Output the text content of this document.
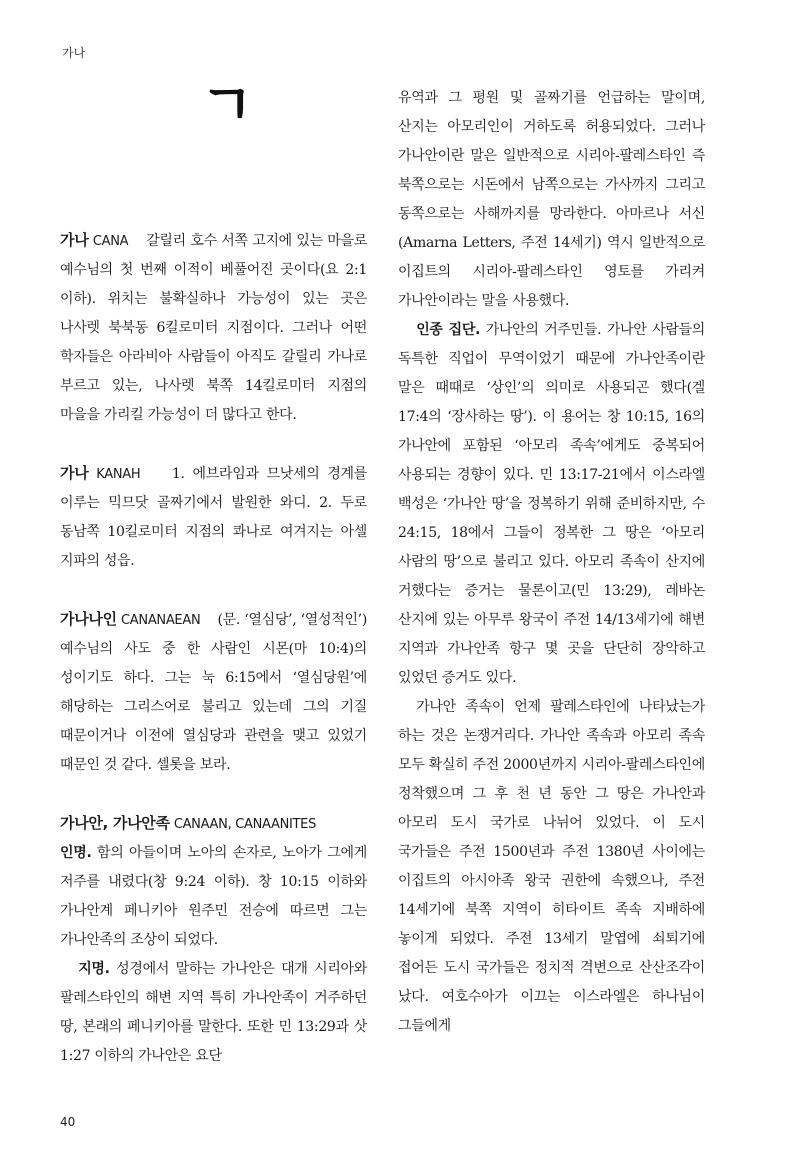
가나
ㄱ

가나 CANA 갈릴리 호수 서쪽 고지에 있는 마을로 예수님의 첫 번째 이적이 베풀어진 곳이다(요 2:1 이하). 위치는 불확실하나 가능성이 있는 곳은 나사렛 북북동 6킬로미터 지점이다. 그러나 어떤 학자들은 아라비아 사람들이 아직도 갈릴리 가나로 부르고 있는, 나사렛 북쪽 14킬로미터 지점의 마을을 가리킬 가능성이 더 많다고 한다.

가나 KANAH 1. 에브라임과 므낫세의 경계를 이루는 믹므닷 골짜기에서 발원한 와디. 2. 두로 동남쪽 10킬로미터 지점의 콰나로 여겨지는 아셀 지파의 성읍.

가나나인 CANANAEAN (문. ‘열심당’, ‘열성적인’) 예수님의 사도 중 한 사람인 시몬(마 10:4)의 성이기도 하다. 그는 눅 6:15에서 ‘열심당원’에 해당하는 그리스어로 불리고 있는데 그의 기질 때문이거나 이전에 열심당과 관련을 맺고 있었기 때문인 것 같다. 셀롯을 보라.

가나안, 가나안족 CANAAN, CANAANITES

인명. 함의 아들이며 노아의 손자로, 노아가 그에게 저주를 내렸다(창 9:24 이하). 창 10:15 이하와 가나안계 페니키아 원주민 전승에 따르면 그는 가나안족의 조상이 되었다.

지명. 성경에서 말하는 가나안은 대개 시리아와 팔레스타인의 해변 지역 특히 가나안족이 거주하던 땅, 본래의 페니키아를 말한다. 또한 민 13:29과 삿 1:27 이하의 가나안은 요단

유역과 그 평원 및 골짜기를 언급하는 말이며, 산지는 아모리인이 거하도록 허용되었다. 그러나 가나안이란 말은 일반적으로 시리아-팔레스타인 즉 북쪽으로는 시돈에서 남쪽으로는 가사까지 그리고 동쪽으로는 사해까지를 망라한다. 아마르나 서신(Amarna Letters, 주전 14세기) 역시 일반적으로 이집트의 시리아-팔레스타인 영토를 가리켜 가나안이라는 말을 사용했다.

인종 집단. 가나안의 거주민들. 가나안 사람들의 독특한 직업이 무역이었기 때문에 가나안족이란 말은 때때로 ‘상인’의 의미로 사용되곤 했다(겔 17:4의 ‘장사하는 땅’). 이 용어는 창 10:15, 16의 가나안에 포함된 ‘아모리 족속’에게도 중복되어 사용되는 경향이 있다. 민 13:17-21에서 이스라엘 백성은 ‘가나안 땅’을 정복하기 위해 준비하지만, 수 24:15, 18에서 그들이 정복한 그 땅은 ‘아모리 사람의 땅’으로 불리고 있다. 아모리 족속이 산지에 거했다는 증거는 물론이고(민 13:29), 레바논 산지에 있는 아무루 왕국이 주전 14/13세기에 해변 지역과 가나안족 항구 몇 곳을 단단히 장악하고 있었던 증거도 있다.

가나안 족속이 언제 팔레스타인에 나타났는가 하는 것은 논쟁거리다. 가나안 족속과 아모리 족속 모두 확실히 주전 2000년까지 시리아-팔레스타인에 정착했으며 그 후 천 년 동안 그 땅은 가나안과 아모리 도시 국가로 나뉘어 있었다. 이 도시 국가들은 주전 1500년과 주전 1380년 사이에는 이집트의 아시아족 왕국 권한에 속했으나, 주전 14세기에 북쪽 지역이 히타이트 족속 지배하에 놓이게 되었다. 주전 13세기 말엽에 쇠퇴기에 접어든 도시 국가들은 정치적 격변으로 산산조각이 났다. 여호수아가 이끄는 이스라엘은 하나님이 그들에게

40
